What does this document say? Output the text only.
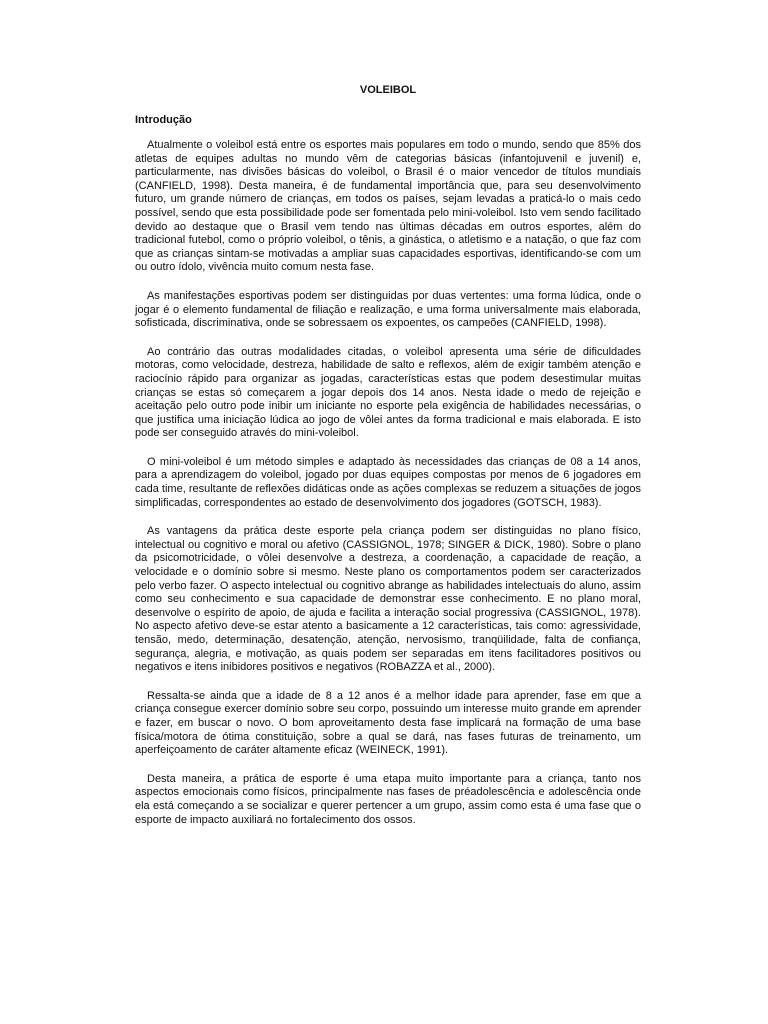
VOLEIBOL
Introdução

Atualmente o voleibol está entre os esportes mais populares em todo o mundo, sendo que 85% dos atletas de equipes adultas no mundo vêm de categorias básicas (infantojuvenil e juvenil) e, particularmente, nas divisões básicas do voleibol, o Brasil é o maior vencedor de títulos mundiais (CANFIELD, 1998). Desta maneira, é de fundamental importância que, para seu desenvolvimento futuro, um grande número de crianças, em todos os países, sejam levadas a praticá-lo o mais cedo possível, sendo que esta possibilidade pode ser fomentada pelo mini-voleibol. Isto vem sendo facilitado devido ao destaque que o Brasil vem tendo nas últimas décadas em outros esportes, além do tradicional futebol, como o próprio voleibol, o tênis, a ginástica, o atletismo e a natação, o que faz com que as crianças sintam-se motivadas a ampliar suas capacidades esportivas, identificando-se com um ou outro ídolo, vivência muito comum nesta fase.

As manifestações esportivas podem ser distinguidas por duas vertentes: uma forma lúdica, onde o jogar é o elemento fundamental de filiação e realização, e uma forma universalmente mais elaborada, sofisticada, discriminativa, onde se sobressaem os expoentes, os campeões (CANFIELD, 1998).

Ao contrário das outras modalidades citadas, o voleibol apresenta uma série de dificuldades motoras, como velocidade, destreza, habilidade de salto e reflexos, além de exigir também atenção e raciocínio rápido para organizar as jogadas, características estas que podem desestimular muitas crianças se estas só começarem a jogar depois dos 14 anos. Nesta idade o medo de rejeição e aceitação pelo outro pode inibir um iniciante no esporte pela exigência de habilidades necessárias, o que justifica uma iniciação lúdica ao jogo de vôlei antes da forma tradicional e mais elaborada. E isto pode ser conseguido através do mini-voleibol.

O mini-voleibol é um método simples e adaptado às necessidades das crianças de 08 a 14 anos, para a aprendizagem do voleibol, jogado por duas equipes compostas por menos de 6 jogadores em cada time, resultante de reflexões didáticas onde as ações complexas se reduzem a situações de jogos simplificadas, correspondentes ao estado de desenvolvimento dos jogadores (GOTSCH, 1983).

As vantagens da prática deste esporte pela criança podem ser distinguidas no plano físico, intelectual ou cognitivo e moral ou afetivo (CASSIGNOL, 1978; SINGER & DICK, 1980). Sobre o plano da psicomotricidade, o vôlei desenvolve a destreza, a coordenação, a capacidade de reação, a velocidade e o domínio sobre si mesmo. Neste plano os comportamentos podem ser caracterizados pelo verbo fazer. O aspecto intelectual ou cognitivo abrange as habilidades intelectuais do aluno, assim como seu conhecimento e sua capacidade de demonstrar esse conhecimento. E no plano moral, desenvolve o espírito de apoio, de ajuda e facilita a interação social progressiva (CASSIGNOL, 1978). No aspecto afetivo deve-se estar atento a basicamente a 12 características, tais como: agressividade, tensão, medo, determinação, desatenção, atenção, nervosismo, tranqüilidade, falta de confiança, segurança, alegria, e motivação, as quais podem ser separadas em itens facilitadores positivos ou negativos e itens inibidores positivos e negativos (ROBAZZA et al., 2000).

Ressalta-se ainda que a idade de 8 a 12 anos é a melhor idade para aprender, fase em que a criança consegue exercer domínio sobre seu corpo, possuindo um interesse muito grande em aprender e fazer, em buscar o novo. O bom aproveitamento desta fase implicará na formação de uma base física/motora de ótima constituição, sobre a qual se dará, nas fases futuras de treinamento, um aperfeiçoamento de caráter altamente eficaz (WEINECK, 1991).

Desta maneira, a prática de esporte é uma etapa muito importante para a criança, tanto nos aspectos emocionais como físicos, principalmente nas fases de préadolescência e adolescência onde ela está começando a se socializar e querer pertencer a um grupo, assim como esta é uma fase que o esporte de impacto auxiliará no fortalecimento dos ossos.
